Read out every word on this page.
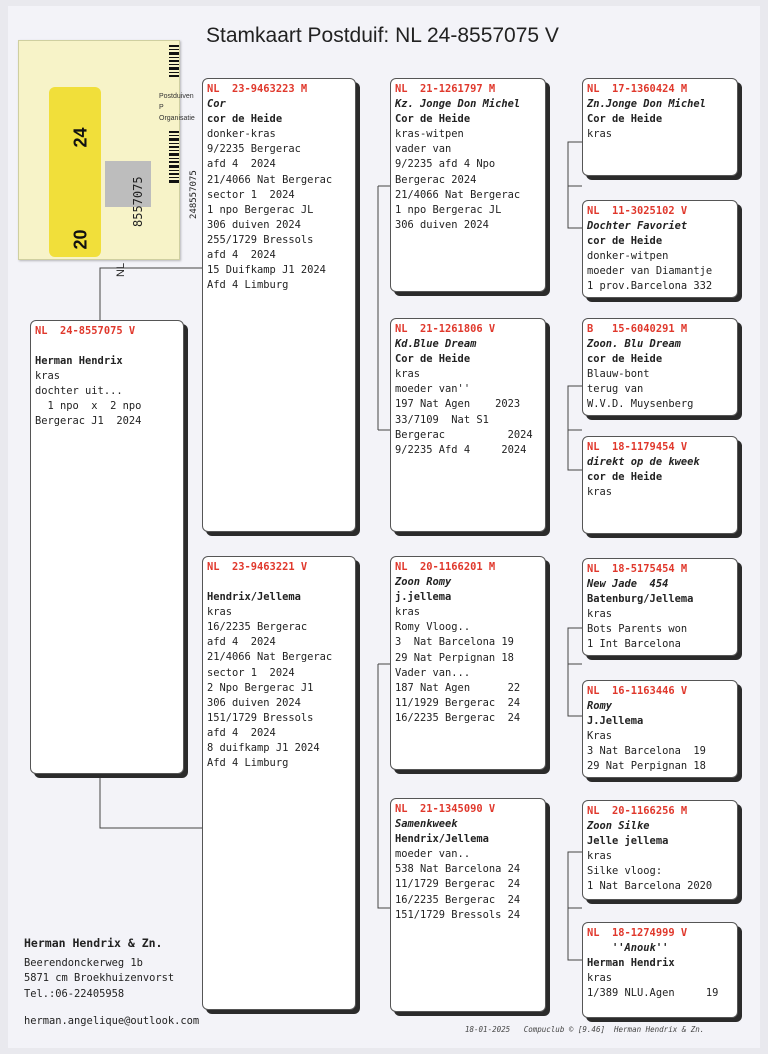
Stamkaart Postduif: NL 24-8557075 V
24
20
8557075
NL
248557075
Postduiven
P
Organisatie
NL  24-8557075 V
Herman Hendrix
kras
dochter uit...
1 npo  x  2 npo
Bergerac J1  2024
NL  23-9463223 M
Cor
cor de Heide
donker-kras
9/2235 Bergerac
afd 4  2024
21/4066 Nat Bergerac
sector 1  2024
1 npo Bergerac JL
306 duiven 2024
255/1729 Bressols
afd 4  2024
15 Duifkamp J1 2024
Afd 4 Limburg
NL  23-9463221 V
Hendrix/Jellema
kras
16/2235 Bergerac
afd 4  2024
21/4066 Nat Bergerac
sector 1  2024
2 Npo Bergerac J1
306 duiven 2024
151/1729 Bressols
afd 4  2024
8 duifkamp J1 2024
Afd 4 Limburg
NL  21-1261797 M
Kz. Jonge Don Michel
Cor de Heide
kras-witpen
vader van
9/2235 afd 4 Npo
Bergerac 2024
21/4066 Nat Bergerac
1 npo Bergerac JL
306 duiven 2024
NL  21-1261806 V
Kd.Blue Dream
Cor de Heide
kras
moeder van''
197 Nat Agen    2023
33/7109  Nat S1
Bergerac          2024
9/2235 Afd 4     2024
NL  20-1166201 M
Zoon Romy
j.jellema
kras
Romy Vloog..
3  Nat Barcelona 19
29 Nat Perpignan 18
Vader van...
187 Nat Agen      22
11/1929 Bergerac  24
16/2235 Bergerac  24
NL  21-1345090 V
Samenkweek
Hendrix/Jellema
moeder van..
538 Nat Barcelona 24
11/1729 Bergerac  24
16/2235 Bergerac  24
151/1729 Bressols 24
NL  17-1360424 M
Zn.Jonge Don Michel
Cor de Heide
kras
NL  11-3025102 V
Dochter Favoriet
cor de Heide
donker-witpen
moeder van Diamantje
1 prov.Barcelona 332
B   15-6040291 M
Zoon. Blu Dream
cor de Heide
Blauw-bont
terug van
W.V.D. Muysenberg
NL  18-1179454 V
direkt op de kweek
cor de Heide
kras
NL  18-5175454 M
New Jade  454
Batenburg/Jellema
kras
Bots Parents won
1 Int Barcelona
NL  16-1163446 V
Romy
J.Jellema
Kras
3 Nat Barcelona  19
29 Nat Perpignan 18
NL  20-1166256 M
Zoon Silke
Jelle jellema
kras
Silke vloog:
1 Nat Barcelona 2020
NL  18-1274999 V
''Anouk''
Herman Hendrix
kras
1/389 NLU.Agen     19
Herman Hendrix & Zn.
Beerendonckerweg 1b
5871 cm Broekhuizenvorst
Tel.:06-22405958
herman.angelique@outlook.com
18-01-2025   Compuclub © [9.46]  Herman Hendrix & Zn.
